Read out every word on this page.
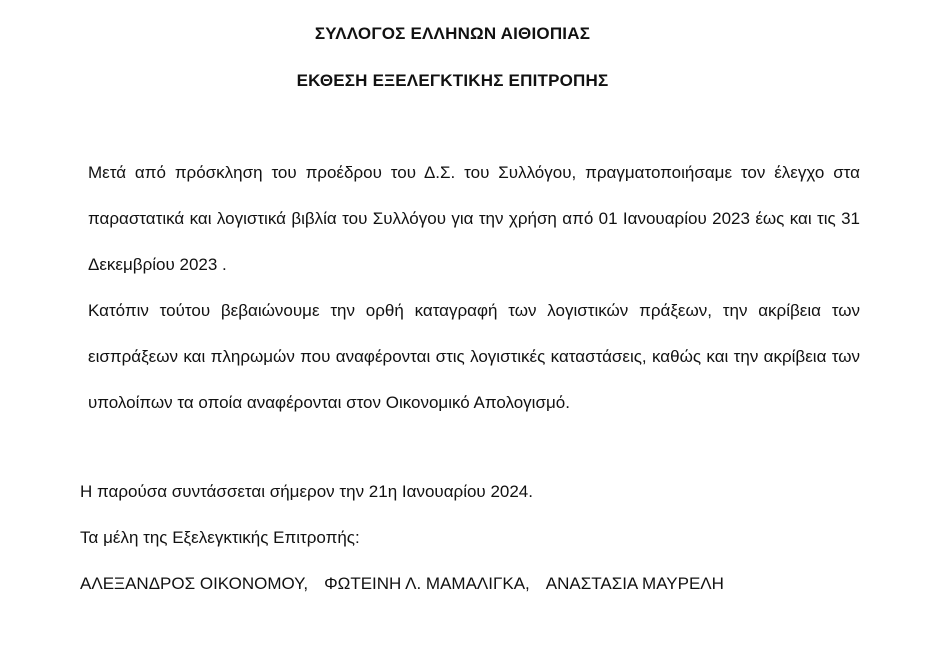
ΣΥΛΛΟΓΟΣ ΕΛΛΗΝΩΝ ΑΙΘΙΟΠΙΑΣ
ΕΚΘΕΣΗ ΕΞΕΛΕΓΚΤΙΚΗΣ ΕΠΙΤΡΟΠΗΣ

Μετά από πρόσκληση του προέδρου του Δ.Σ. του Συλλόγου, πραγματοποιήσαμε τον έλεγχο στα παραστατικά και λογιστικά βιβλία του Συλλόγου για την χρήση από 01 Ιανουαρίου 2023 έως και τις 31 Δεκεμβρίου 2023 .

Κατόπιν τούτου βεβαιώνουμε την ορθή καταγραφή των λογιστικών πράξεων, την ακρίβεια των εισπράξεων και πληρωμών που αναφέρονται στις λογιστικές καταστάσεις, καθώς και την ακρίβεια των υπολοίπων τα οποία αναφέρονται στον Οικονομικό Απολογισμό.

Η παρούσα συντάσσεται σήμερον την 21η Ιανουαρίου 2024.

Τα μέλη της Εξελεγκτικής Επιτροπής:

ΑΛΕΞΑΝΔΡΟΣ ΟΙΚΟΝΟΜΟΥ, ΦΩΤΕΙΝΗ Λ. ΜΑΜΑΛΙΓΚΑ, ΑΝΑΣΤΑΣΙΑ ΜΑΥΡΕΛΗ
